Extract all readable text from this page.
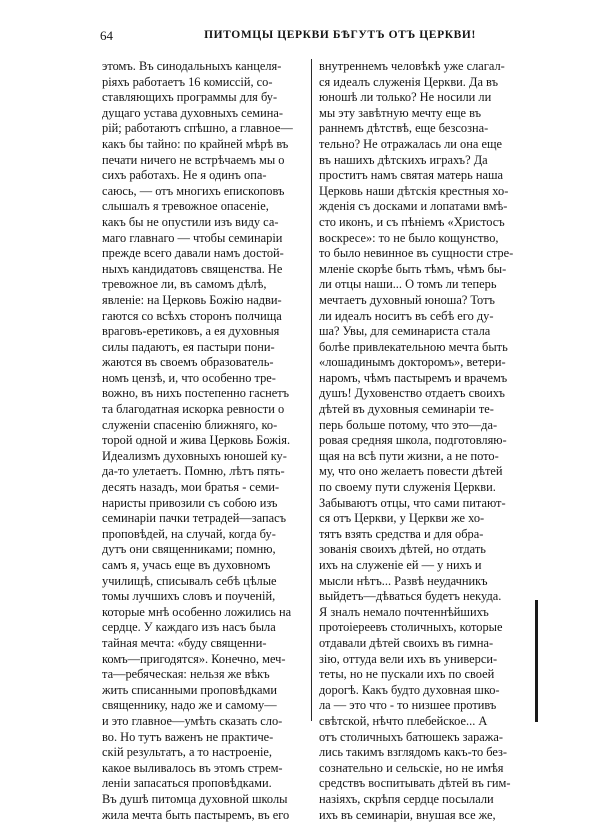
64	ПИТОМЦЫ ЦЕРКВИ БѢГУТЪ ОТЪ ЦЕРКВИ!
этомъ. Въ синодальныхъ канцеля-
ріяхъ работаетъ 16 комиссій, со-
ставляющихъ программы для бу-
дущаго устава духовныхъ семина-
рій; работаютъ спѣшно, а главное—
какъ бы тайно: по крайней мѣрѣ въ
печати ничего не встрѣчаемъ мы о
сихъ работахъ. Не я одинъ опа-
саюсь, — отъ многихъ епископовъ
слышалъ я тревожное опасеніе,
какъ бы не опустили изъ виду са-
маго главнаго — чтобы семинаріи
прежде всего давали намъ достой-
ныхъ кандидатовъ священства. Не
тревожное ли, въ самомъ дѣлѣ,
явленіе: на Церковь Божію надви-
гаются со всѣхъ сторонъ полчища
враговъ-еретиковъ, а ея духовныя
силы падаютъ, ея пастыри пони-
жаются въ своемъ образователь-
номъ цензѣ, и, что особенно тре-
вожно, въ нихъ постепенно гаснетъ
та благодатная искорка ревности о
служеніи спасенію ближняго, ко-
торой одной и жива Церковь Божія.
Идеализмъ духовныхъ юношей ку-
да-то улетаетъ. Помню, лѣтъ пять-
десять назадъ, мои братья - семи-
наристы привозили съ собою изъ
семинаріи пачки тетрадей—запасъ
проповѣдей, на случай, когда бу-
дутъ они священниками; помню,
самъ я, учась еще въ духовномъ
училищѣ, списывалъ себѣ цѣлые
томы лучшихъ словъ и поученій,
которые мнѣ особенно ложились на
сердце. У каждаго изъ насъ была
тайная мечта: «буду священни-
комъ—пригодятся». Конечно, меч-
та—ребяческая: нельзя же вѣкъ
жить списанными проповѣдками
священнику, надо же и самому—
и это главное—умѣть сказать сло-
во. Но тутъ важенъ не практиче-
скій результатъ, а то настроеніе,
какое выливалось въ этомъ стрем-
леніи запасаться проповѣдками.
Въ душѣ питомца духовной школы
жила мечта быть пастыремъ, въ его
внутреннемъ человѣкѣ уже слагал-
ся идеалъ служенія Церкви. Да въ
юношѣ ли только? Не носили ли
мы эту завѣтную мечту еще въ
раннемъ дѣтствѣ, еще безсозна-
тельно? Не отражалась ли она еще
въ нашихъ дѣтскихъ играхъ? Да
проститъ намъ святая матерь наша
Церковь наши дѣтскія крестныя хо-
жденія съ досками и лопатами вмѣ-
сто иконъ, и съ пѣніемъ «Христосъ
воскресе»: то не было кощунство,
то было невинное въ сущности стре-
мленіе скорѣе быть тѣмъ, чѣмъ бы-
ли отцы наши... О томъ ли теперь
мечтаетъ духовный юноша? Тотъ
ли идеалъ носитъ въ себѣ его ду-
ша? Увы, для семинариста стала
болѣе привлекательною мечта быть
«лошадинымъ докторомъ», ветери-
наромъ, чѣмъ пастыремъ и врачемъ
душъ! Духовенство отдаетъ своихъ
дѣтей въ духовныя семинаріи те-
перь больше потому, что это—да-
ровая средняя школа, подготовляю-
щая на всѣ пути жизни, а не пото-
му, что оно желаетъ повести дѣтей
по своему пути служенія Церкви.
Забываютъ отцы, что сами питают-
ся отъ Церкви, у Церкви же хо-
тятъ взять средства и для обра-
зованія своихъ дѣтей, но отдать
ихъ на служеніе ей — у нихъ и
мысли нѣтъ... Развѣ неудачникъ
выйдетъ—дѣваться будетъ некуда.
Я зналъ немало почтеннѣйшихъ
протоіереевъ столичныхъ, которые
отдавали дѣтей своихъ въ гимна-
зію, оттуда вели ихъ въ универси-
теты, но не пускали ихъ по своей
дорогѣ. Какъ будто духовная шко-
ла — это что - то низшее противъ
свѣтской, нѣчто плебейское... А
отъ столичныхъ батюшекъ заража-
лись такимъ взглядомъ какъ-то без-
сознательно и сельскіе, но не имѣя
средствъ воспитывать дѣтей въ гим-
назіяхъ, скрѣпя сердце посылали
ихъ въ семинаріи, внушая все же,
